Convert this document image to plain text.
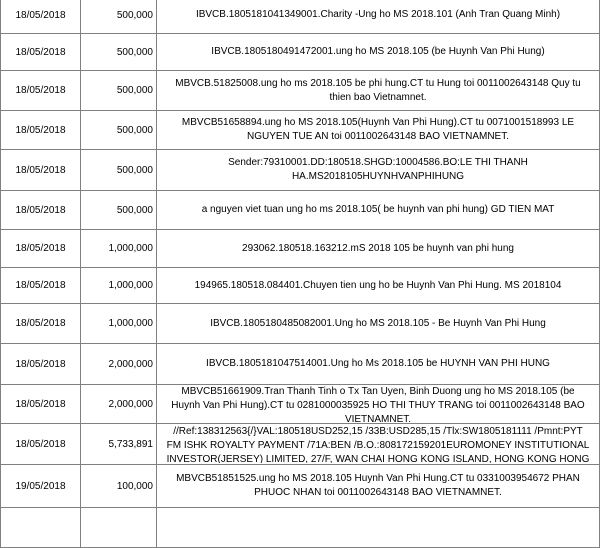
18/05/2018	500,000	IBVCB.1805181041349001.Charity -Ung ho MS 2018.101 (Anh Tran Quang Minh)

18/05/2018	500,000	IBVCB.1805180491472001.ung ho MS 2018.105 (be Huynh Van Phi Hung)

18/05/2018	500,000	MBVCB.51825008.ung ho ms 2018.105 be phi hung.CT tu Hung toi 0011002643148 Quy tu
thien bao Vietnamnet.

18/05/2018	500,000	MBVCB51658894.ung ho MS 2018.105(Huynh Van Phi Hung).CT tu 0071001518993 LE
NGUYEN TUE AN toi 0011002643148 BAO VIETNAMNET.

18/05/2018	500,000	Sender:79310001.DD:180518.SHGD:10004586.BO:LE THI THANH
HA.MS2018105HUYNHVANPHIHUNG

18/05/2018	500,000	a nguyen viet tuan ung ho ms 2018.105( be huynh van phi hung) GD TIEN MAT

18/05/2018	1,000,000	293062.180518.163212.mS 2018 105 be huynh van phi hung

18/05/2018	1,000,000	194965.180518.084401.Chuyen tien ung ho be Huynh Van Phi Hung. MS 2018104

18/05/2018	1,000,000	IBVCB.1805180485082001.Ung ho MS 2018.105 - Be Huynh Van Phi Hung

18/05/2018	2,000,000	IBVCB.1805181047514001.Ung ho Ms 2018.105 be HUYNH VAN PHI HUNG

18/05/2018	2,000,000	MBVCB51661909.Tran Thanh Tinh o Tx Tan Uyen, Binh Duong ung ho MS 2018.105 (be
Huynh Van Phi Hung).CT tu 0281000035925 HO THI THUY TRANG toi 0011002643148 BAO
VIETNAMNET.

18/05/2018	5,733,891	//Ref:138312563{/}VAL:180518USD252,15 /33B:USD285,15 /Tlx:SW1805181111 /Pmnt:PYT
FM ISHK ROYALTY PAYMENT /71A:BEN /B.O.:808172159201EUROMONEY INSTITUTIONAL
INVESTOR(JERSEY) LIMITED, 27/F, WAN CHAI HONG KONG ISLAND, HONG KONG HONG

19/05/2018	100,000	MBVCB51851525.ung ho MS 2018.105 Huynh Van Phi Hung.CT tu 0331003954672 PHAN
PHUOC NHAN toi 0011002643148 BAO VIETNAMNET.
